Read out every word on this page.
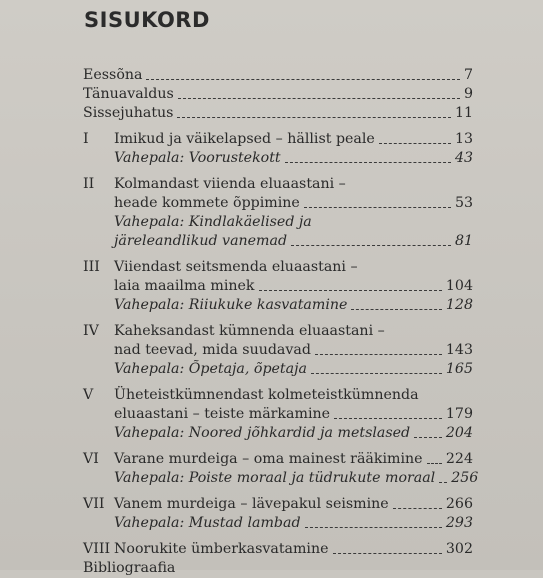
SISUKORD
Eessõna	7
Tänuavaldus	9
Sissejuhatus	11
I	Imikud ja väikelapsed – hällist peale	13
Vahepala: Voorustekott	43
II	Kolmandast viienda eluaastani –
heade kommete õppimine	53
Vahepala: Kindlakäelised ja
järeleandlikud vanemad	81
III Viiendast seitsmenda eluaastani –
laia maailma minek	104
Vahepala: Riiukuke kasvatamine	128
IV	Kaheksandast kümnenda eluaastani –
nad teevad, mida suudavad	143
Vahepala: Õpetaja, õpetaja	165
V	Üheteistkümnendast kolmeteistkümnenda
eluaastani – teiste märkamine	179
Vahepala: Noored jõhkardid ja metslased	204
VI	Varane murdeiga – oma mainest rääkimine 224
Vahepala: Poiste moraal ja tüdrukute moraal 256
VII Vanem murdeiga – lävepakul seismine	266
Vahepala: Mustad lambad	293
VIII Noorukite ümberkasvatamine	302
Bibliograafia
